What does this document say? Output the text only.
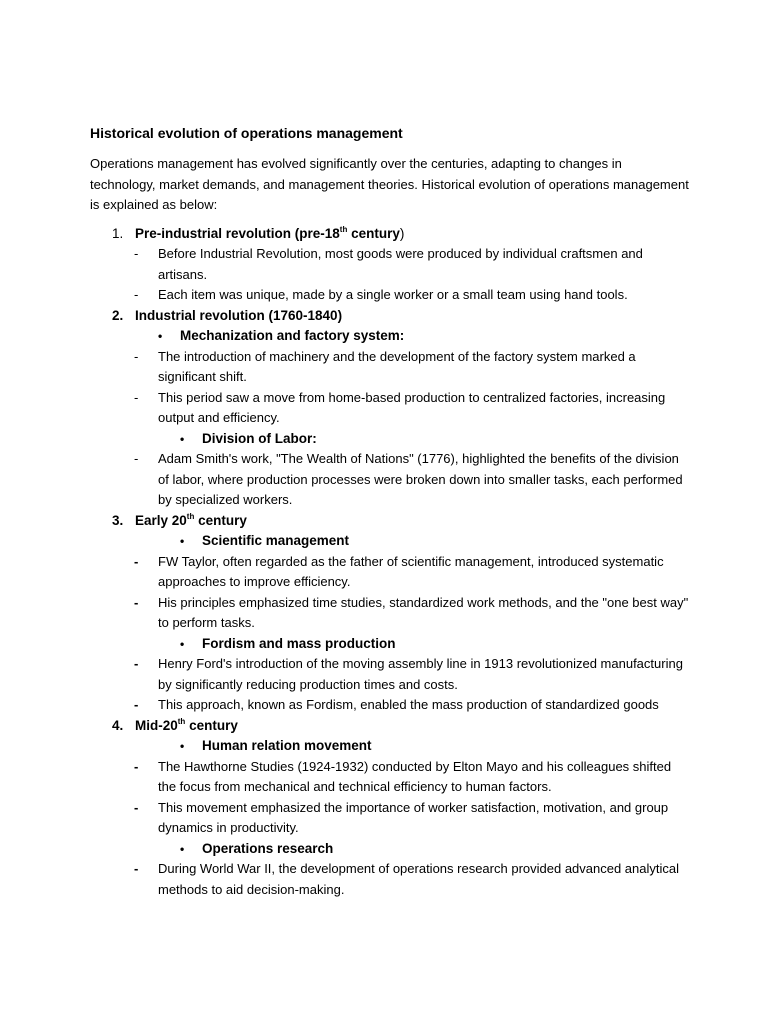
Historical evolution of operations management
Operations management has evolved significantly over the centuries, adapting to changes in technology, market demands, and management theories. Historical evolution of operations management is explained as below:
1. Pre-industrial revolution (pre-18th century)
- Before Industrial Revolution, most goods were produced by individual craftsmen and artisans.
- Each item was unique, made by a single worker or a small team using hand tools.
2. Industrial revolution (1760-1840)
• Mechanization and factory system:
- The introduction of machinery and the development of the factory system marked a significant shift.
- This period saw a move from home-based production to centralized factories, increasing output and efficiency.
• Division of Labor:
- Adam Smith's work, "The Wealth of Nations" (1776), highlighted the benefits of the division of labor, where production processes were broken down into smaller tasks, each performed by specialized workers.
3. Early 20th century
• Scientific management
- FW Taylor, often regarded as the father of scientific management, introduced systematic approaches to improve efficiency.
- His principles emphasized time studies, standardized work methods, and the "one best way" to perform tasks.
• Fordism and mass production
- Henry Ford's introduction of the moving assembly line in 1913 revolutionized manufacturing by significantly reducing production times and costs.
- This approach, known as Fordism, enabled the mass production of standardized goods
4. Mid-20th century
• Human relation movement
- The Hawthorne Studies (1924-1932) conducted by Elton Mayo and his colleagues shifted the focus from mechanical and technical efficiency to human factors.
- This movement emphasized the importance of worker satisfaction, motivation, and group dynamics in productivity.
• Operations research
- During World War II, the development of operations research provided advanced analytical methods to aid decision-making.
